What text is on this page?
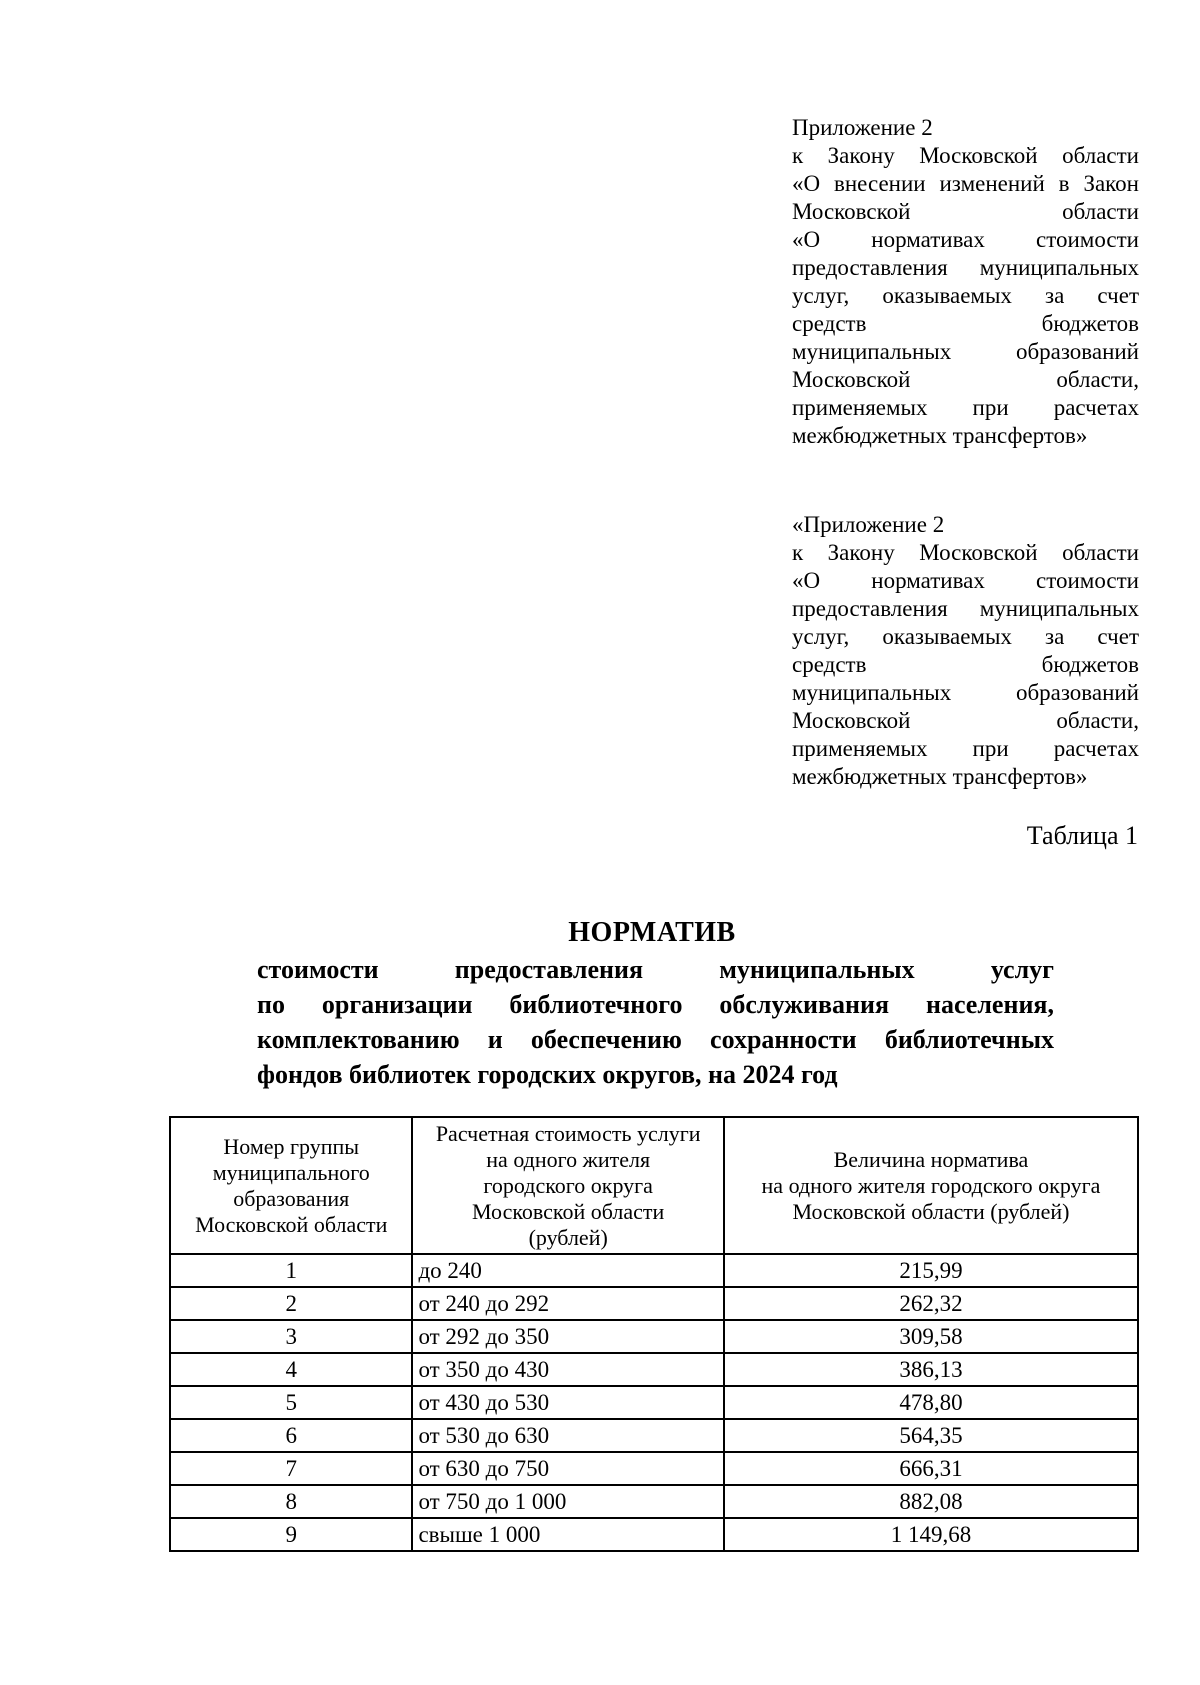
Приложение 2
к Закону Московской области
«О внесении изменений в Закон
Московской области
«О нормативах стоимости
предоставления муниципальных
услуг, оказываемых за счет
средств бюджетов
муниципальных образований
Московской области,
применяемых при расчетах
межбюджетных трансфертов»
«Приложение 2
к Закону Московской области
«О нормативах стоимости
предоставления муниципальных
услуг, оказываемых за счет
средств бюджетов
муниципальных образований
Московской области,
применяемых при расчетах
межбюджетных трансфертов»
Таблица 1
НОРМАТИВ
стоимости предоставления муниципальных услуг
по организации библиотечного обслуживания населения,
комплектованию и обеспечению сохранности библиотечных
фондов библиотек городских округов, на 2024 год
Номер группы
муниципального
образования
Московской области	Расчетная стоимость услуги
на одного жителя
городского округа
Московской области
(рублей)	Величина норматива
на одного жителя городского округа
Московской области (рублей)

1	до 240	215,99
2	от 240 до 292	262,32
3	от 292 до 350	309,58
4	от 350 до 430	386,13
5	от 430 до 530	478,80
6	от 530 до 630	564,35
7	от 630 до 750	666,31
8	от 750 до 1 000	882,08
9	свыше 1 000	1 149,68
